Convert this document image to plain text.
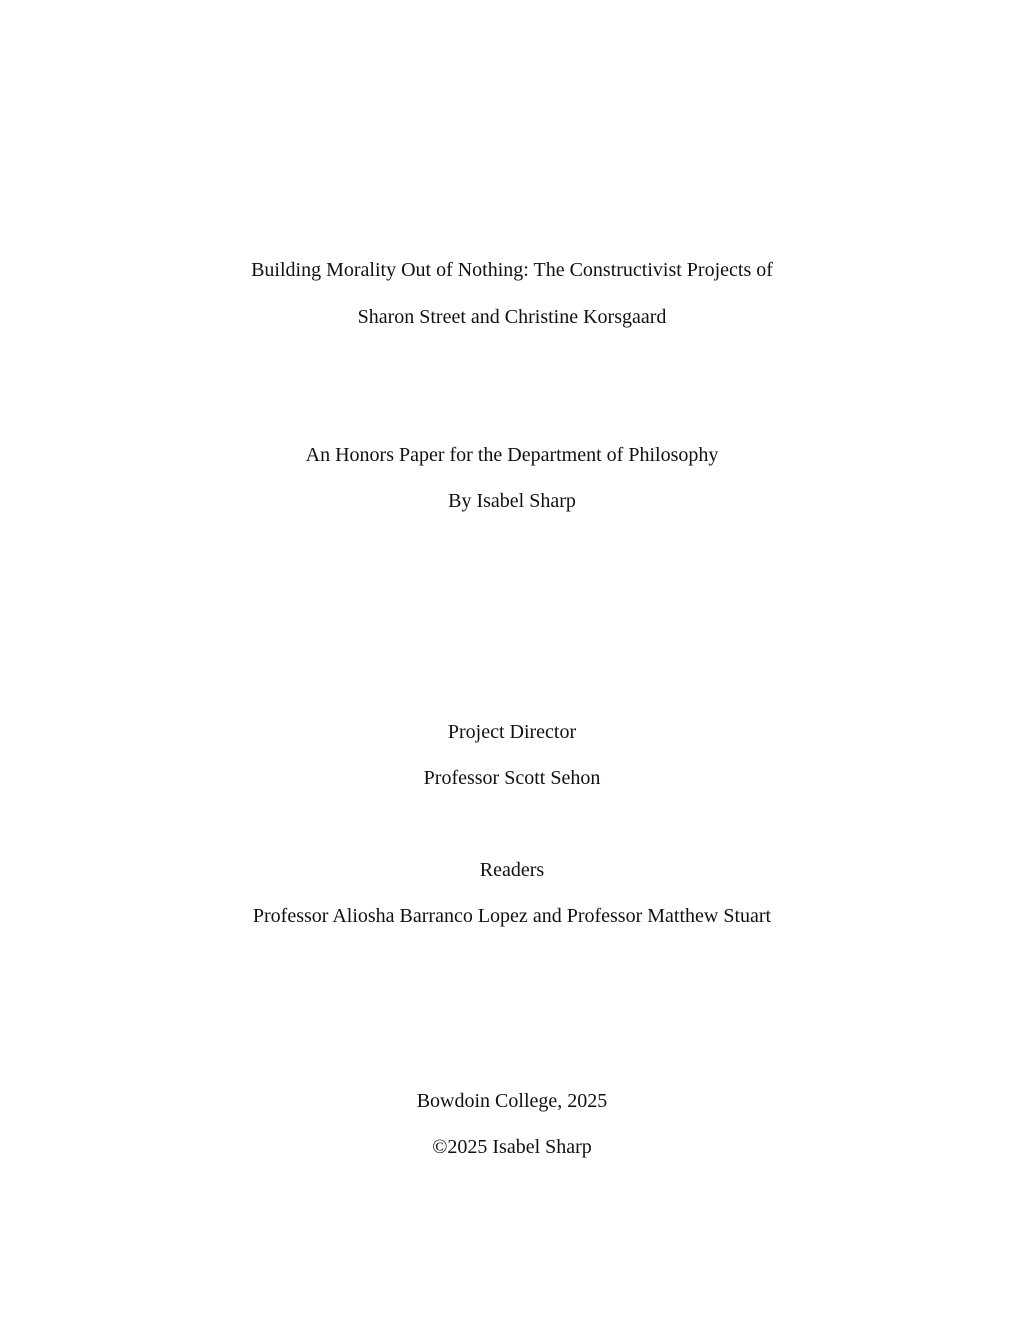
Building Morality Out of Nothing: The Constructivist Projects of
Sharon Street and Christine Korsgaard
An Honors Paper for the Department of Philosophy
By Isabel Sharp
Project Director
Professor Scott Sehon
Readers
Professor Aliosha Barranco Lopez and Professor Matthew Stuart
Bowdoin College, 2025
©2025 Isabel Sharp
